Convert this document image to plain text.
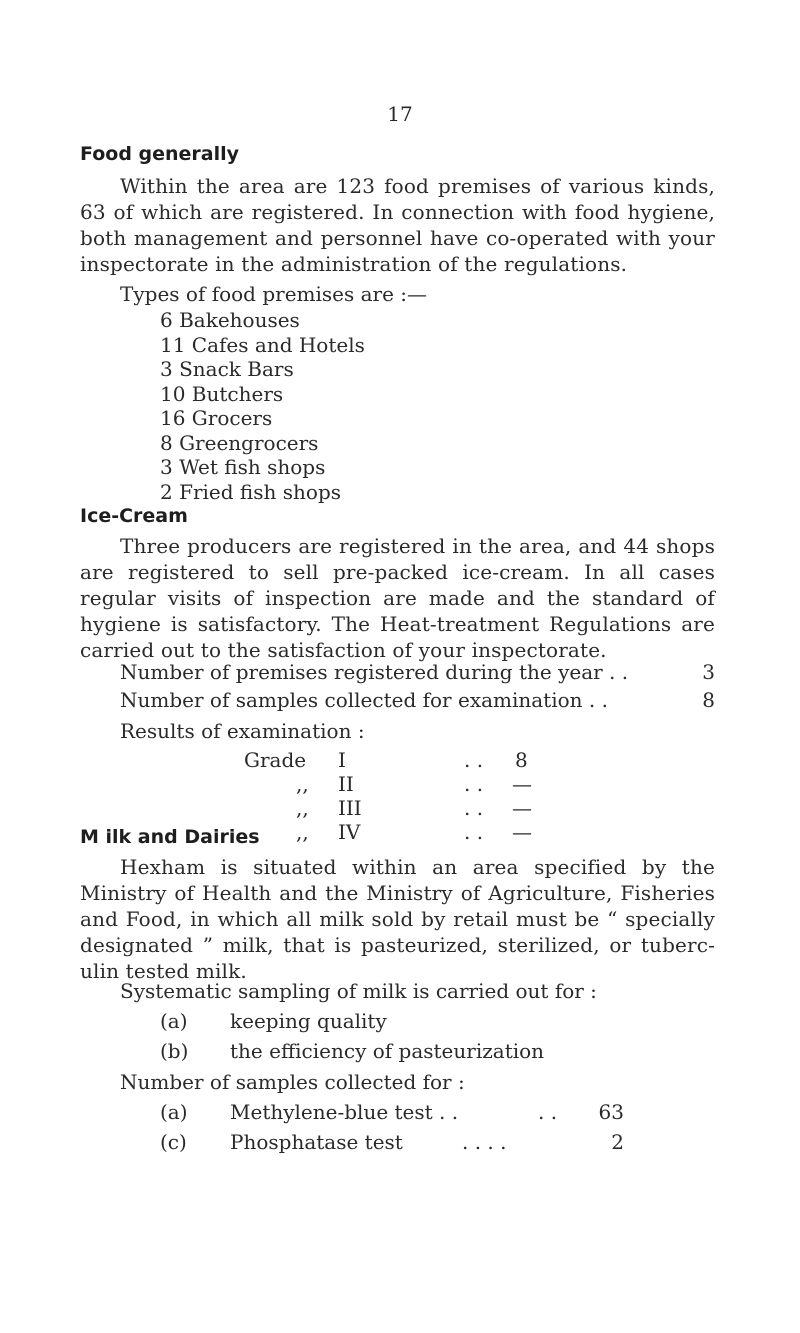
17
Food generally

Within the area are 123 food premises of various kinds, 63 of which are registered. In connection with food hygiene, both management and personnel have co-operated with your inspectorate in the administration of the regulations.

Types of food premises are :—
6 Bakehouses
11 Cafes and Hotels
3 Snack Bars
10 Butchers
16 Grocers
8 Greengrocers
3 Wet fish shops
2 Fried fish shops
Ice-Cream

Three producers are registered in the area, and 44 shops are registered to sell pre-packed ice-cream. In all cases regular visits of inspection are made and the standard of hygiene is satisfactory. The Heat-treatment Regulations are carried out to the satisfaction of your inspectorate.

Number of premises registered during the year . .	3
Number of samples collected for examination . .	8
Results of examination :
Grade I	. . 8
,, II	. . —
,, III	. . —
,, IV	. . —
M ilk and Dairies

Hexham is situated within an area specified by the Ministry of Health and the Ministry of Agriculture, Fisheries and Food, in which all milk sold by retail must be “ specially designated ” milk, that is pasteurized, sterilized, or tuberc- ulin tested milk.

Systematic sampling of milk is carried out for :
(a) keeping quality
(b) the efficiency of pasteurization
Number of samples collected for :
(a) Methylene-blue test . .	. .	63
(c) Phosphatase test	. . . .	2
